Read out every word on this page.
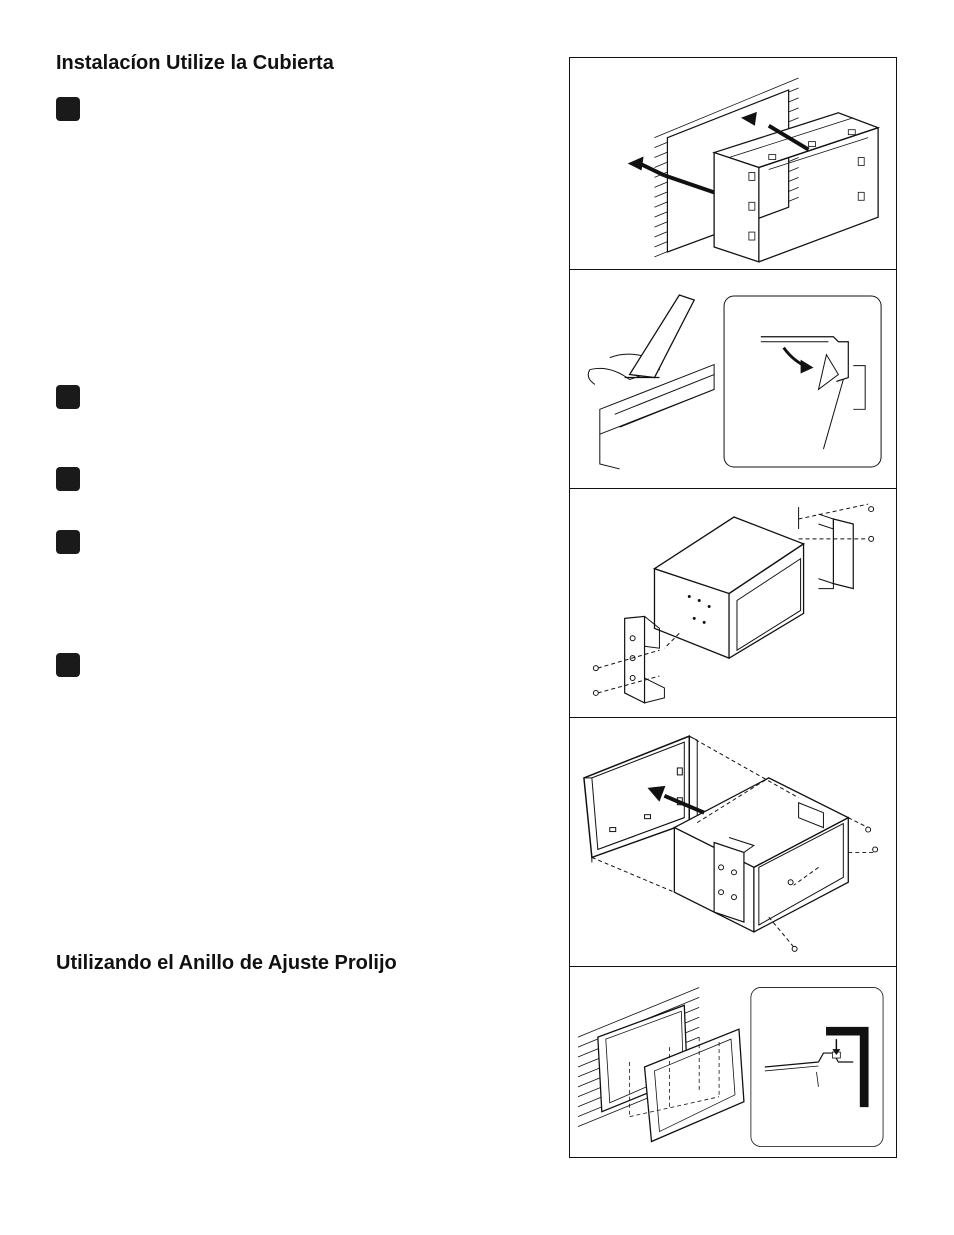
Instalacíon Utilize la Cubierta
Utilizando el Anillo de Ajuste Prolijo
